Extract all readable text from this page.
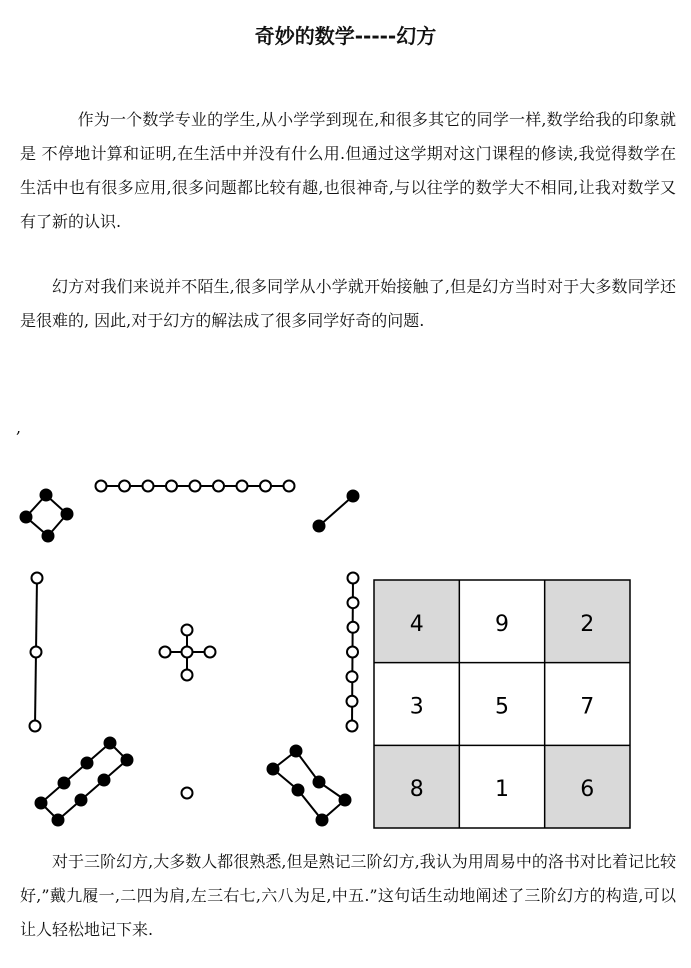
奇妙的数学-----幻方

作为一个数学专业的学生,从小学学到现在,和很多其它的同学一样,数学给我的印象就是 不停地计算和证明,在生活中并没有什么用.但通过这学期对这门课程的修读,我觉得数学在生活中也有很多应用,很多问题都比较有趣,也很神奇,与以往学的数学大不相同,让我对数学又有了新的认识.

幻方对我们来说并不陌生,很多同学从小学就开始接触了,但是幻方当时对于大多数同学还是很难的, 因此,对于幻方的解法成了很多同学好奇的问题.

,
4	9	2
3	5	7
8	1	6

对于三阶幻方,大多数人都很熟悉,但是熟记三阶幻方,我认为用周易中的洛书对比着记比较好,”戴九履一,二四为肩,左三右七,六八为足,中五.”这句话生动地阐述了三阶幻方的构造,可以让人轻松地记下来.
